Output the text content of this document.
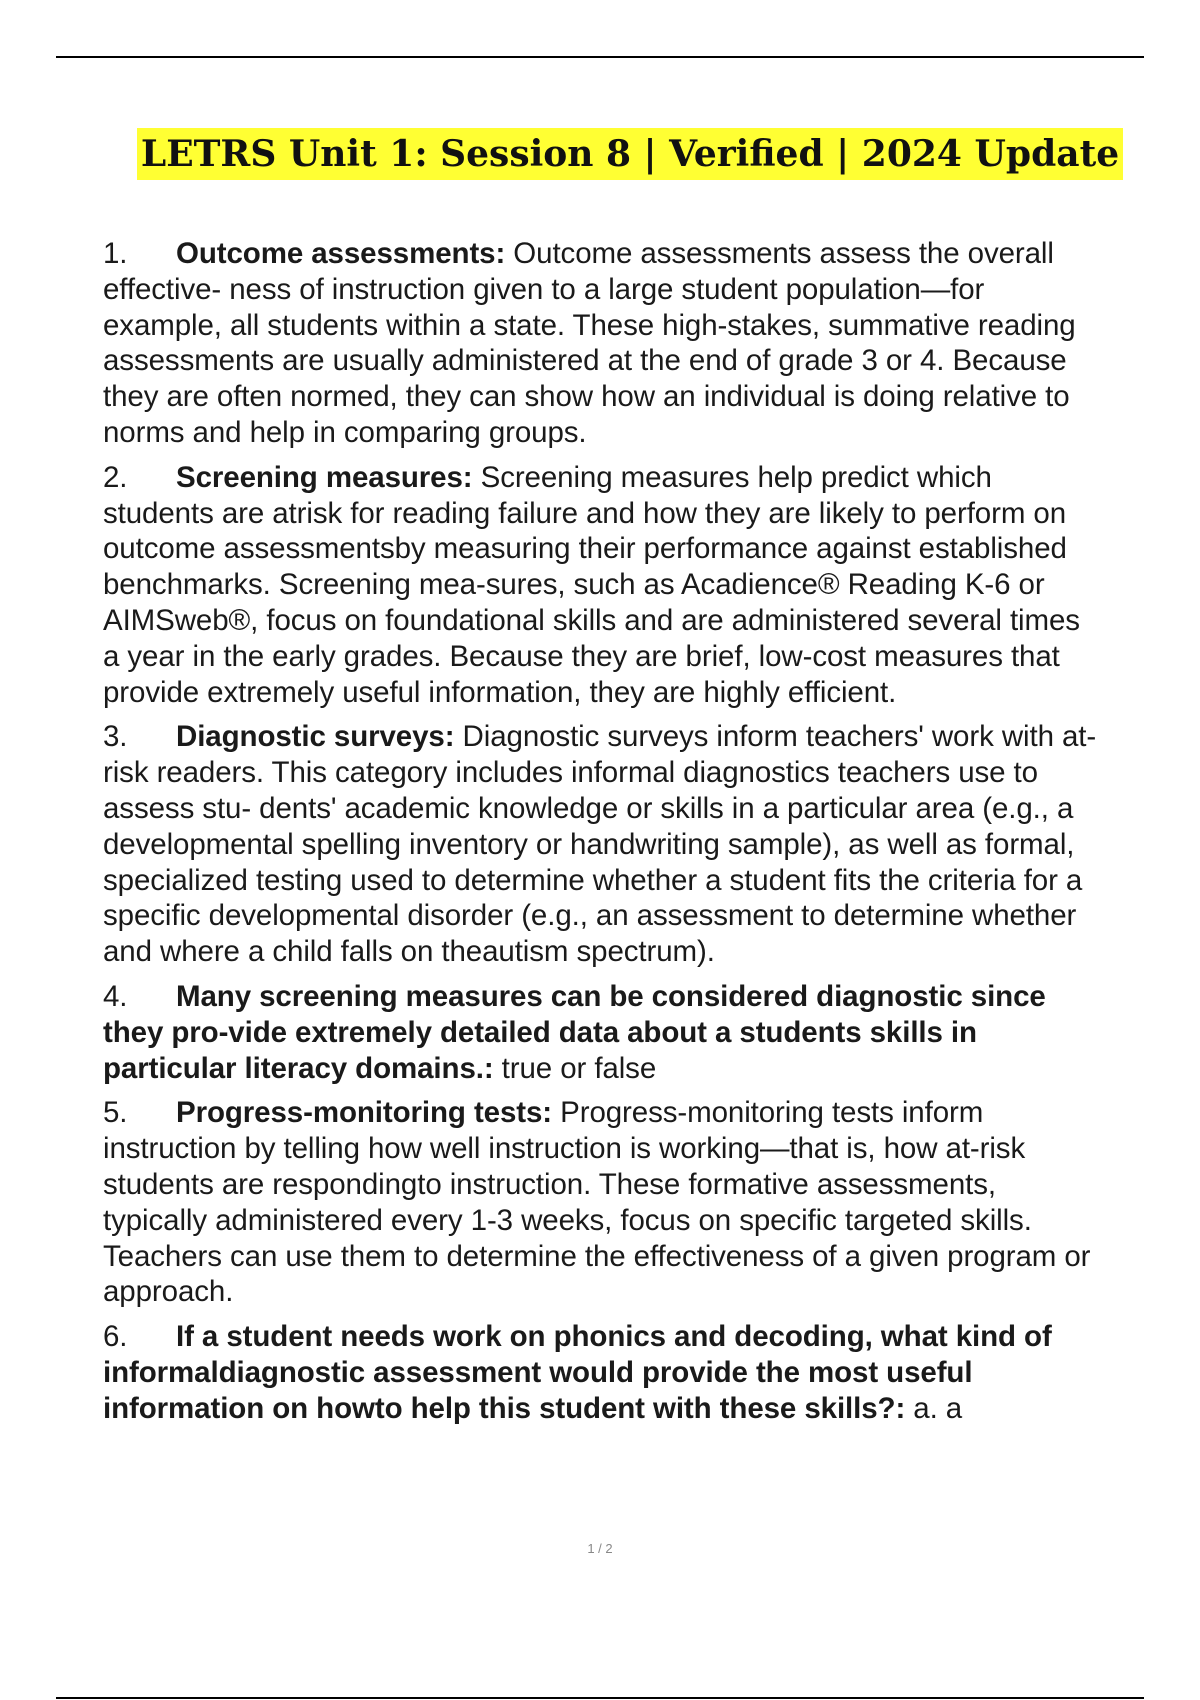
LETRS Unit 1: Session 8 | Verified | 2024 Update
1. Outcome assessments: Outcome assessments assess the overall effective- ness of instruction given to a large student population—for example, all students within a state. These high-stakes, summative reading assessments are usually administered at the end of grade 3 or 4. Because they are often normed, they can show how an individual is doing relative to norms and help in comparing groups.
2. Screening measures: Screening measures help predict which students are atrisk for reading failure and how they are likely to perform on outcome assessmentsby measuring their performance against established benchmarks. Screening mea-sures, such as Acadience® Reading K-6 or AIMSweb®, focus on foundational skills and are administered several times a year in the early grades. Because they are brief, low-cost measures that provide extremely useful information, they are highly efficient.
3. Diagnostic surveys: Diagnostic surveys inform teachers' work with at-risk readers. This category includes informal diagnostics teachers use to assess stu- dents' academic knowledge or skills in a particular area (e.g., a developmental spelling inventory or handwriting sample), as well as formal, specialized testing used to determine whether a student fits the criteria for a specific developmental disorder (e.g., an assessment to determine whether and where a child falls on theautism spectrum).
4. Many screening measures can be considered diagnostic since they pro-vide extremely detailed data about a students skills in particular literacy domains.: true or false
5. Progress-monitoring tests: Progress-monitoring tests inform instruction by telling how well instruction is working—that is, how at-risk students are respondingto instruction. These formative assessments, typically administered every 1-3 weeks, focus on specific targeted skills. Teachers can use them to determine the effectiveness of a given program or approach.
6. If a student needs work on phonics and decoding, what kind of informaldiagnostic assessment would provide the most useful information on howto help this student with these skills?: a. a
1 / 2
